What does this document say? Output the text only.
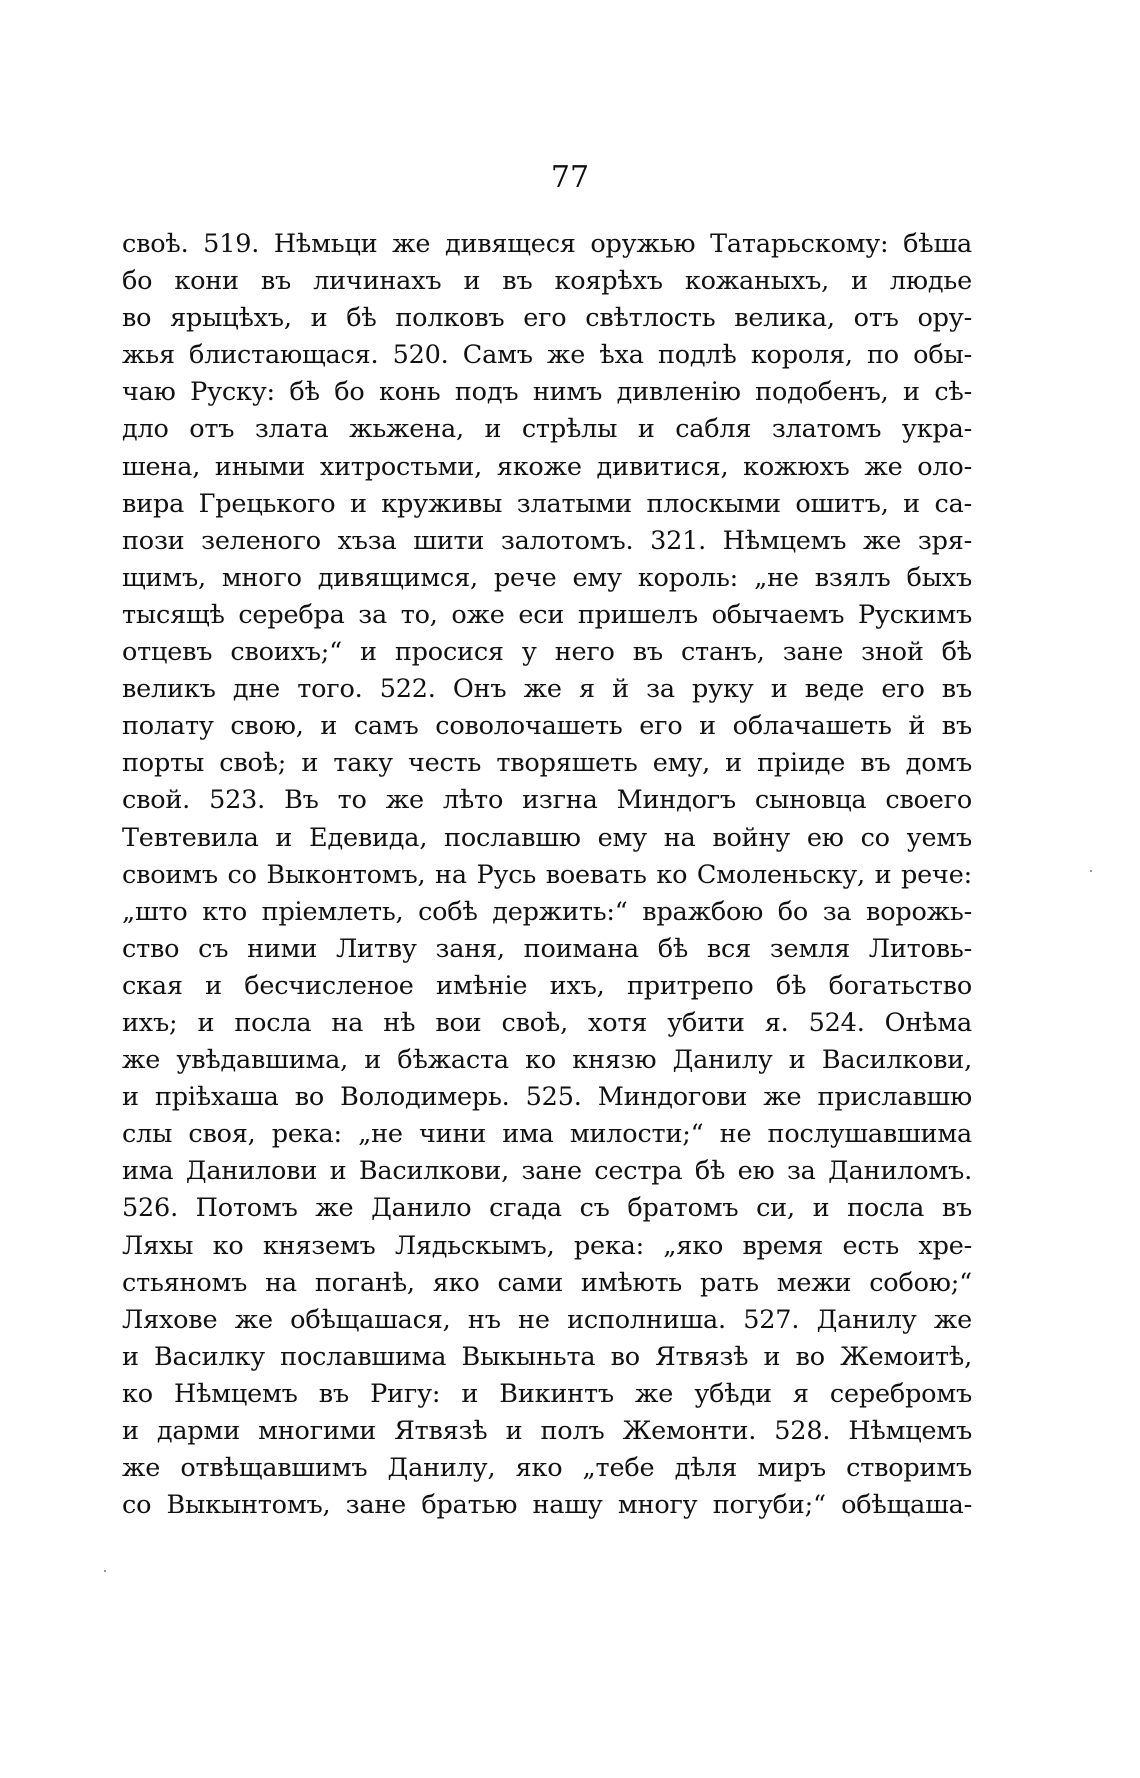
77
своѣ. 519. Нѣмьци же дивящеся оружью Татарьскому: бѣша
бо кони въ личинахъ и въ коярѣхъ кожаныхъ, и людье
во ярыцѣхъ, и бѣ полковъ его свѣтлость велика, отъ ору-
жья блистающася. 520. Самъ же ѣха подлѣ короля, по обы-
чаю Руску: бѣ бо конь подъ нимъ дивленію подобенъ, и сѣ-
дло отъ злата жьжена, и стрѣлы и сабля златомъ укра-
шена, иными хитростьми, якоже дивитися, кожюхъ же оло-
вира Грецького и круживы златыми плоскыми ошитъ, и са-
пози зеленого хъза шити залотомъ. 321. Нѣмцемъ же зря-
щимъ, много дивящимся, рече ему король: „не взялъ быхъ
тысящѣ серебра за то, оже еси пришелъ обычаемъ Рускимъ
отцевъ своихъ;“ и просися у него въ станъ, зане зной бѣ
великъ дне того. 522. Онъ же я й за руку и веде его въ
полату свою, и самъ соволочашеть его и облачашеть й въ
порты своѣ; и таку честь творяшеть ему, и пріиде въ домъ
свой. 523. Въ то же лѣто изгна Миндогъ сыновца своего
Тевтевила и Едевида, пославшю ему на войну ею со уемъ
своимъ со Выконтомъ, на Русь воевать ко Смоленьску, и рече:
„што кто пріемлеть, собѣ держить:“ вражбою бо за ворожь-
ство съ ними Литву заня, поимана бѣ вся земля Литовь-
ская и бесчисленое имѣніе ихъ, притрепо бѣ богатьство
ихъ; и посла на нѣ вои своѣ, хотя убити я. 524. Онѣма
же увѣдавшима, и бѣжаста ко князю Данилу и Василкови,
и пріѣхаша во Володимерь. 525. Миндогови же приславшю
слы своя, река: „не чини има милости;“ не послушавшима
има Данилови и Василкови, зане сестра бѣ ею за Даниломъ.
526. Потомъ же Данило сгада съ братомъ си, и посла въ
Ляхы ко княземъ Лядьскымъ, река: „яко время есть хре-
стьяномъ на поганѣ, яко сами имѣють рать межи собою;“
Ляхове же обѣщашася, нъ не исполниша. 527. Данилу же
и Василку пославшима Выкыньта во Ятвязѣ и во Жемоитѣ,
ко Нѣмцемъ въ Ригу: и Викинтъ же убѣди я серебромъ
и дарми многими Ятвязѣ и полъ Жемонти. 528. Нѣмцемъ
же отвѣщавшимъ Данилу, яко „тебе дѣля миръ створимъ
со Выкынтомъ, зане братью нашу многу погуби;“ обѣщаша-
